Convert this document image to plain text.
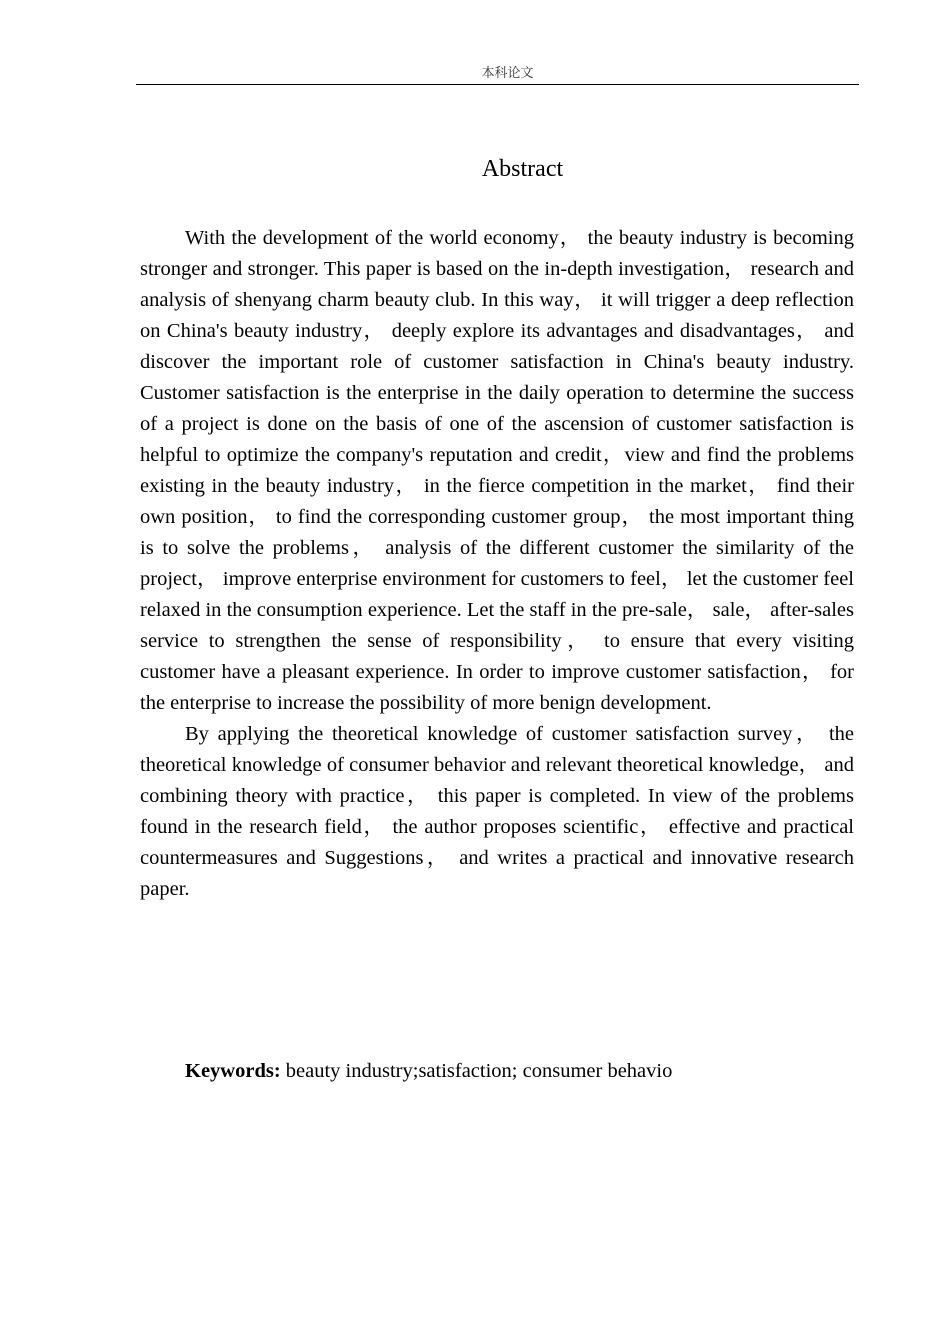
本科论文
Abstract

With the development of the world economy， the beauty industry is becoming stronger and stronger. This paper is based on the in-depth investigation， research and analysis of shenyang charm beauty club. In this way， it will trigger a deep reflection on China's beauty industry， deeply explore its advantages and disadvantages， and discover the important role of customer satisfaction in China's beauty industry. Customer satisfaction is the enterprise in the daily operation to determine the success of a project is done on the basis of one of the ascension of customer satisfaction is helpful to optimize the company's reputation and credit，view and find the problems existing in the beauty industry， in the fierce competition in the market， find their own position， to find the corresponding customer group， the most important thing is to solve the problems， analysis of the different customer the similarity of the project， improve enterprise environment for customers to feel， let the customer feel relaxed in the consumption experience. Let the staff in the pre-sale， sale， after-sales service to strengthen the sense of responsibility， to ensure that every visiting customer have a pleasant experience. In order to improve customer satisfaction， for the enterprise to increase the possibility of more benign development.

By applying the theoretical knowledge of customer satisfaction survey， the theoretical knowledge of consumer behavior and relevant theoretical knowledge， and combining theory with practice， this paper is completed. In view of the problems found in the research field， the author proposes scientific， effective and practical countermeasures and Suggestions， and writes a practical and innovative research paper.

Keywords: beauty industry;satisfaction; consumer behavio
